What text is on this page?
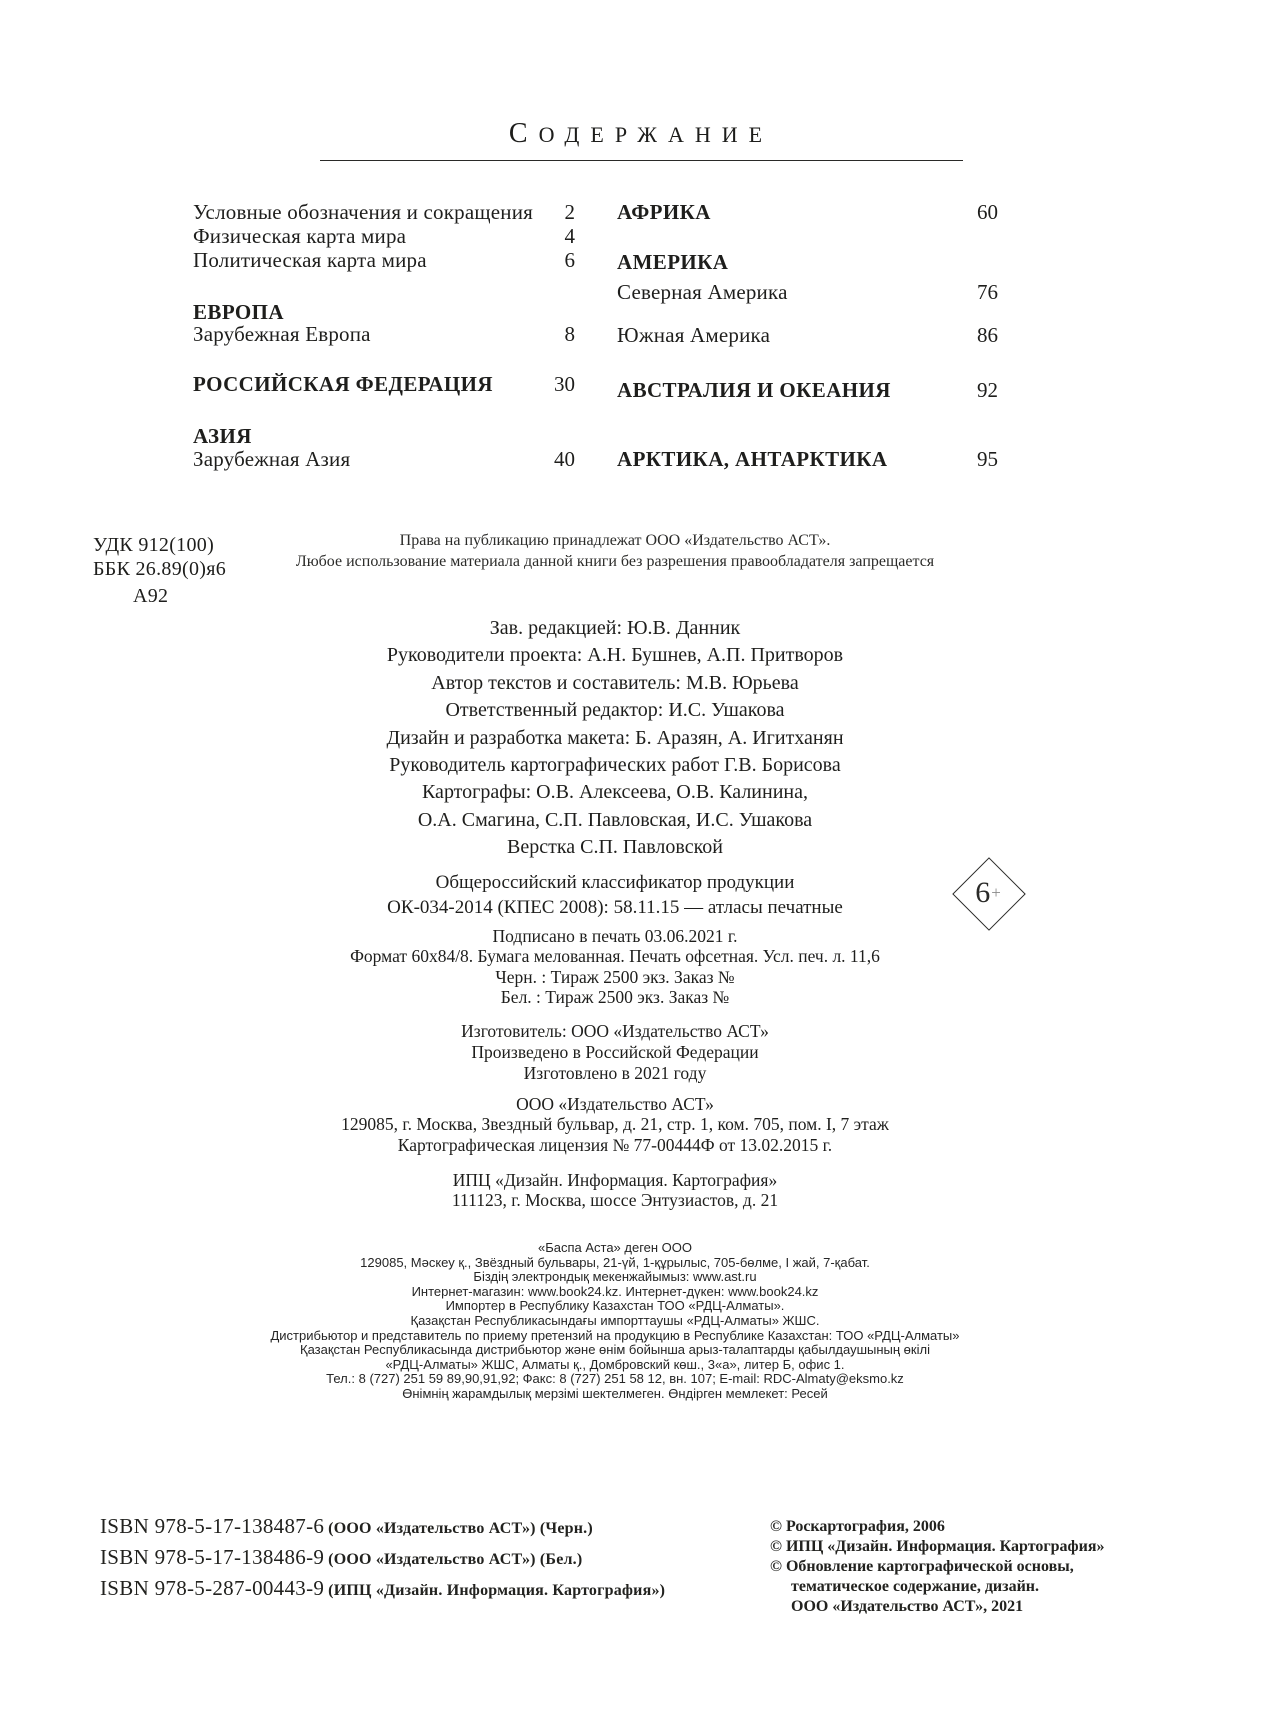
СОДЕРЖАНИЕ
Условные обозначения и сокращения	2
Физическая карта мира	4
Политическая карта мира	6
ЕВРОПА
Зарубежная Европа	8
РОССИЙСКАЯ ФЕДЕРАЦИЯ	30
АЗИЯ
Зарубежная Азия	40
АФРИКА	60
АМЕРИКА
Северная Америка	76
Южная Америка	86
АВСТРАЛИЯ И ОКЕАНИЯ	92
АРКТИКА, АНТАРКТИКА	95
УДК 912(100)
ББК 26.89(0)я6
А92
Права на публикацию принадлежат ООО «Издательство АСТ».
Любое использование материала данной книги без разрешения правообладателя запрещается
Зав. редакцией: Ю.В. Данник
Руководители проекта: А.Н. Бушнев, А.П. Притворов
Автор текстов и составитель: М.В. Юрьева
Ответственный редактор: И.С. Ушакова
Дизайн и разработка макета: Б. Аразян, А. Игитханян
Руководитель картографических работ Г.В. Борисова
Картографы: О.В. Алексеева, О.В. Калинина,
О.А. Смагина, С.П. Павловская, И.С. Ушакова
Верстка С.П. Павловской
Общероссийский классификатор продукции
ОК-034-2014 (КПЕС 2008): 58.11.15 — атласы печатные
Подписано в печать 03.06.2021 г.
Формат 60х84/8. Бумага мелованная. Печать офсетная. Усл. печ. л. 11,6
Черн. : Тираж 2500 экз. Заказ №
Бел. : Тираж 2500 экз. Заказ №
Изготовитель: ООО «Издательство АСТ»
Произведено в Российской Федерации
Изготовлено в 2021 году
ООО «Издательство АСТ»
129085, г. Москва, Звездный бульвар, д. 21, стр. 1, ком. 705, пом. I, 7 этаж
Картографическая лицензия № 77-00444Ф от 13.02.2015 г.
ИПЦ «Дизайн. Информация. Картография»
111123, г. Москва, шоссе Энтузиастов, д. 21
«Баспа Аста» деген ООО
129085, Мәскеу қ., Звёздный бульвары, 21-үй, 1-құрылыс, 705-бөлме, I жай, 7-қабат.
Біздің электрондық мекенжайымыз: www.ast.ru
Интернет-магазин: www.book24.kz. Интернет-дүкен: www.book24.kz
Импортер в Республику Казахстан ТОО «РДЦ-Алматы».
Қазақстан Республикасындағы импорттаушы «РДЦ-Алматы» ЖШС.
Дистрибьютор и представитель по приему претензий на продукцию в Республике Казахстан: ТОО «РДЦ-Алматы»
Қазақстан Республикасында дистрибьютор және өнім бойынша арыз-талаптарды қабылдаушының өкілі
«РДЦ-Алматы» ЖШС, Алматы қ., Домбровский көш., 3«а», литер Б, офис 1.
Тел.: 8 (727) 251 59 89,90,91,92; Факс: 8 (727) 251 58 12, вн. 107; E-mail: RDC-Almaty@eksmo.kz
Өнімнің жарамдылық мерзімі шектелмеген. Өндірген мемлекет: Ресей
6 +
ISBN 978-5-17-138487-6 (ООО «Издательство АСТ») (Черн.)
ISBN 978-5-17-138486-9 (ООО «Издательство АСТ») (Бел.)
ISBN 978-5-287-00443-9 (ИПЦ «Дизайн. Информация. Картография»)
© Роскартография, 2006
© ИПЦ «Дизайн. Информация. Картография»
© Обновление картографической основы,
тематическое содержание, дизайн.
ООО «Издательство АСТ», 2021
